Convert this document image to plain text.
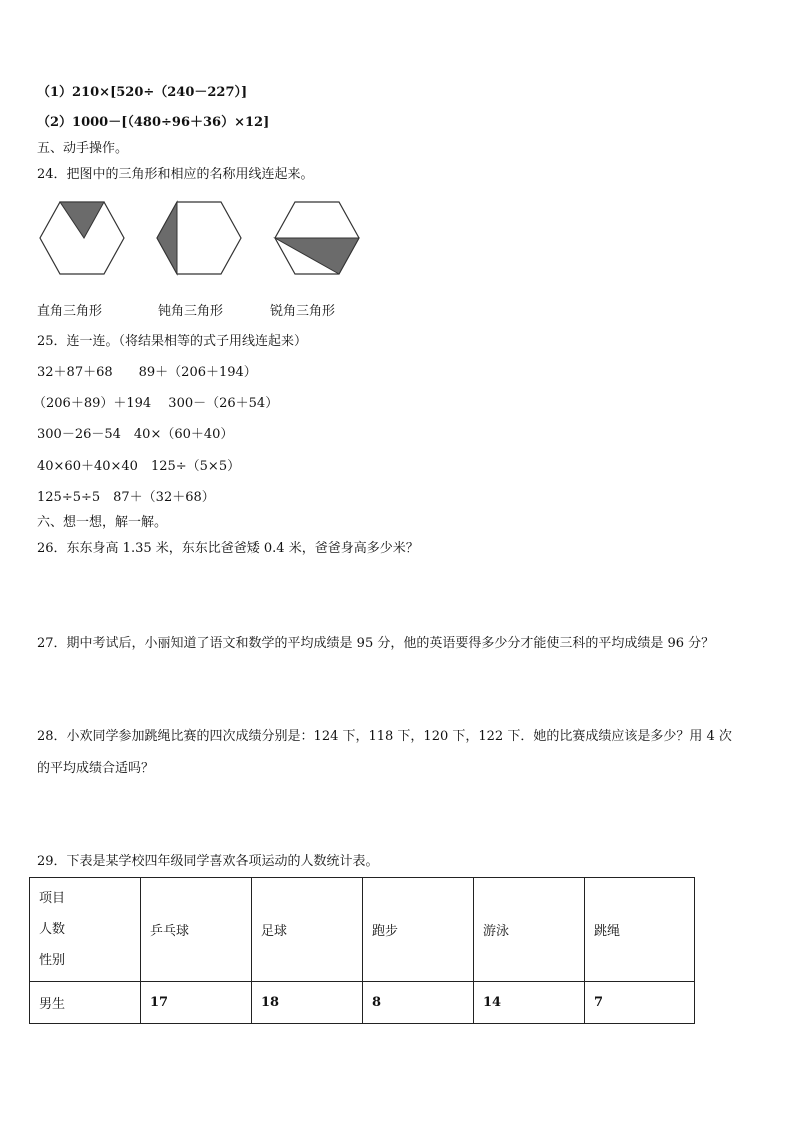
（1）210×[520÷（240－227）]
（2）1000－[（480÷96＋36）×12]
五、动手操作。
24．把图中的三角形和相应的名称用线连起来。
直角三角形	钝角三角形	锐角三角形
25．连一连。（将结果相等的式子用线连起来）
32＋87＋68　　89＋（206＋194）
（206＋89）＋194　 300－（26＋54）
300－26－54　40×（60＋40）
40×60＋40×40　125÷（5×5）
125÷5÷5　87＋（32＋68）
六、想一想，解一解。
26．东东身高 1.35 米，东东比爸爸矮 0.4 米，爸爸身高多少米？
27．期中考试后，小丽知道了语文和数学的平均成绩是 95 分，他的英语要得多少分才能使三科的平均成绩是 96 分？
28．小欢同学参加跳绳比赛的四次成绩分别是：124 下，118 下，120 下，122 下．她的比赛成绩应该是多少？用 4 次
的平均成绩合适吗？
29．下表是某学校四年级同学喜欢各项运动的人数统计表。
项目
人数
性别	乒乓球	足球	跑步	游泳	跳绳
男生	17	18	8	14	7
